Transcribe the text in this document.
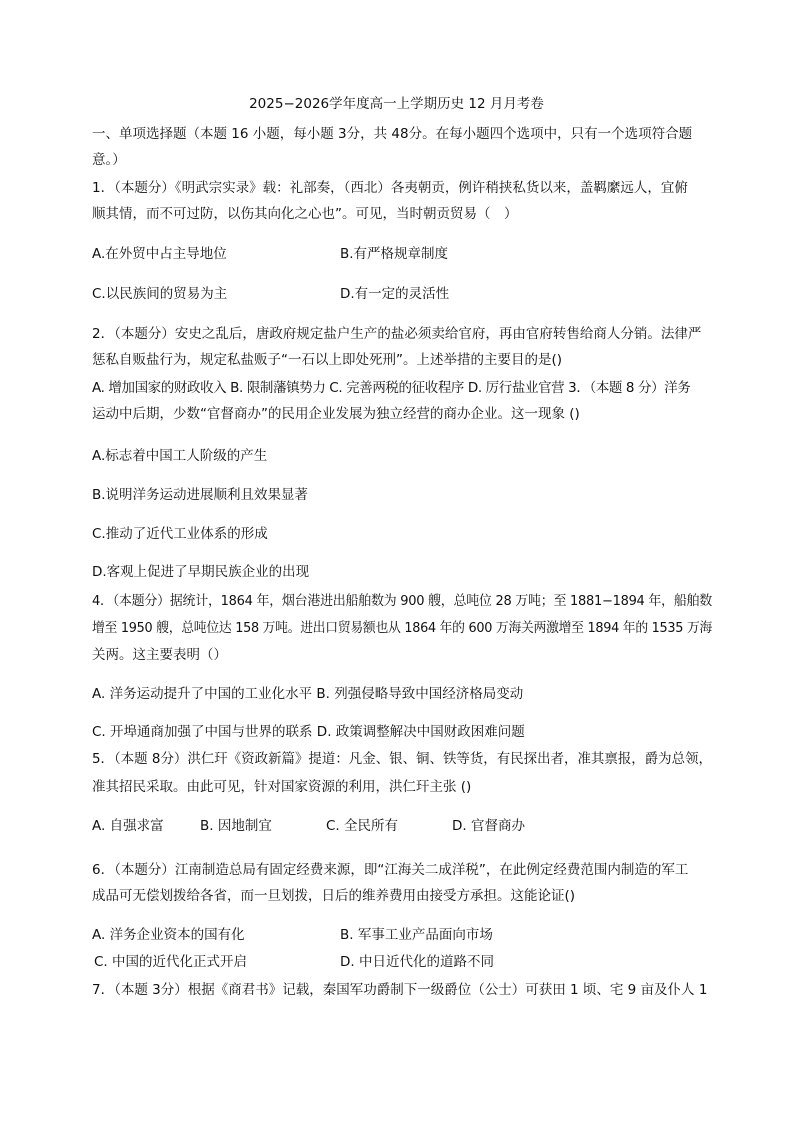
2025−2026学年度高一上学期历史 12 月月考卷
一、单项选择题（本题 16 小题，每小题 3分，共 48分。在每小题四个选项中，只有一个选项符合题
意。）
1．（本题分）《明武宗实录》载：礼部奏，（西北）各夷朝贡，例许稍挟私货以来，盖羁縻远人，宜俯
顺其情，而不可过防，以伤其向化之心也”。可见，当时朝贡贸易（　）
A.在外贸中占主导地位	B.有严格规章制度
C.以民族间的贸易为主	D.有一定的灵活性
2．（本题分）安史之乱后，唐政府规定盐户生产的盐必须卖给官府，再由官府转售给商人分销。法律严
惩私自贩盐行为，规定私盐贩子“一石以上即处死刑”。上述举措的主要目的是()
A. 增加国家的财政收入 B. 限制藩镇势力 C. 完善两税的征收程序 D. 厉行盐业官营 3．（本题 8 分）洋务
运动中后期，少数“官督商办”的民用企业发展为独立经营的商办企业。这一现象 ()
A.标志着中国工人阶级的产生
B.说明洋务运动进展顺利且效果显著
C.推动了近代工业体系的形成
D.客观上促进了早期民族企业的出现
4．（本题分）据统计，1864 年，烟台港进出船舶数为 900 艘，总吨位 28 万吨；至 1881−1894 年，船舶数
增至 1950 艘，总吨位达 158 万吨。进出口贸易额也从 1864 年的 600 万海关两激增至 1894 年的 1535 万海
关两。这主要表明（）
A. 洋务运动提升了中国的工业化水平 B. 列强侵略导致中国经济格局变动
C. 开埠通商加强了中国与世界的联系 D. 政策调整解决中国财政困难问题
5．（本题 8分）洪仁玕《资政新篇》提道：凡金、银、铜、铁等货，有民探出者，准其禀报，爵为总领，
准其招民采取。由此可见，针对国家资源的利用，洪仁玕主张 ()
A. 自强求富	B. 因地制宜	C. 全民所有	D. 官督商办
6．（本题分）江南制造总局有固定经费来源，即“江海关二成洋税”，在此例定经费范围内制造的军工
成品可无偿划拨给各省，而一旦划拨，日后的维养费用由接受方承担。这能论证()
A. 洋务企业资本的国有化	B. 军事工业产品面向市场
C. 中国的近代化正式开启	D. 中日近代化的道路不同
7．（本题 3分）根据《商君书》记载，秦国军功爵制下一级爵位（公士）可获田 1 顷、宅 9 亩及仆人 1
